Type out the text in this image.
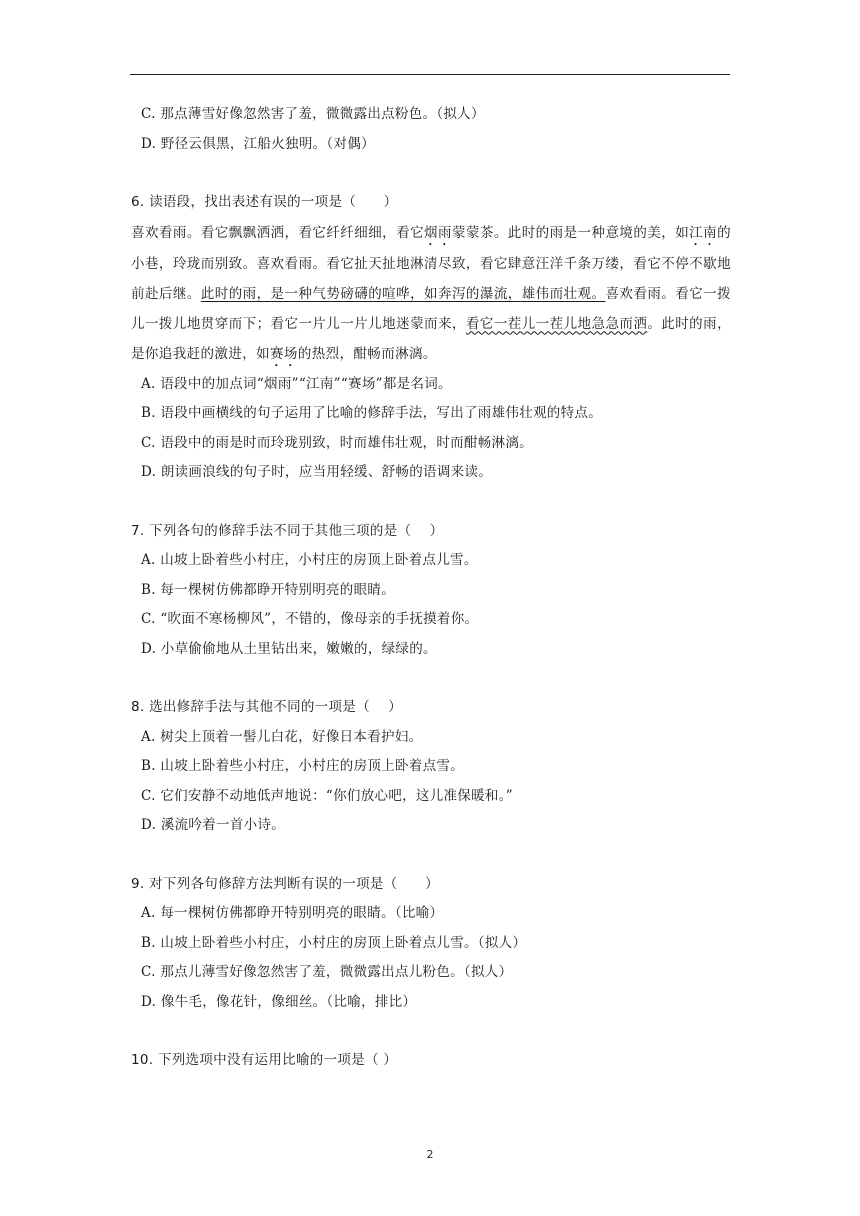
C. 那点薄雪好像忽然害了羞，微微露出点粉色。（拟人）
D. 野径云俱黑，江船火独明。（对偶）
6. 读语段，找出表述有误的一项是（　　）
喜欢看雨。看它飘飘洒洒，看它纤纤细细，看它烟雨蒙蒙茶。此时的雨是一种意境的美，如江南的小巷，玲珑而别致。喜欢看雨。看它扯天扯地淋清尽致，看它肆意汪洋千条万缕，看它不停不歇地前赴后继。此时的雨，是一种气势磅礴的喧哗，如奔泻的瀑流，雄伟而壮观。喜欢看雨。看它一拨儿一拨儿地贯穿而下；看它一片儿一片儿地迷蒙而来，看它一茬儿一茬儿地急急而洒。此时的雨，是你追我赶的激进，如赛场的热烈，酣畅而淋漓。
A. 语段中的加点词“烟雨”“江南”“赛场”都是名词。
B. 语段中画横线的句子运用了比喻的修辞手法，写出了雨雄伟壮观的特点。
C. 语段中的雨是时而玲珑别致，时而雄伟壮观，时而酣畅淋漓。
D. 朗读画浪线的句子时，应当用轻缓、舒畅的语调来读。
7. 下列各句的修辞手法不同于其他三项的是（　 ）
A. 山坡上卧着些小村庄，小村庄的房顶上卧着点儿雪。
B. 每一棵树仿佛都睁开特别明亮的眼睛。
C. “吹面不寒杨柳风”，不错的，像母亲的手抚摸着你。
D. 小草偷偷地从土里钻出来，嫩嫩的，绿绿的。
8. 选出修辞手法与其他不同的一项是（　 ）
A. 树尖上顶着一髻儿白花，好像日本看护妇。
B. 山坡上卧着些小村庄，小村庄的房顶上卧着点雪。
C. 它们安静不动地低声地说：“你们放心吧，这儿准保暖和。”
D. 溪流吟着一首小诗。
9. 对下列各句修辞方法判断有误的一项是（　　）
A. 每一棵树仿佛都睁开特别明亮的眼睛。（比喻）
B. 山坡上卧着些小村庄，小村庄的房顶上卧着点儿雪。（拟人）
C. 那点儿薄雪好像忽然害了羞，微微露出点儿粉色。（拟人）
D. 像牛毛，像花针，像细丝。（比喻，排比）
10. 下列选项中没有运用比喻的一项是（ ）
2
